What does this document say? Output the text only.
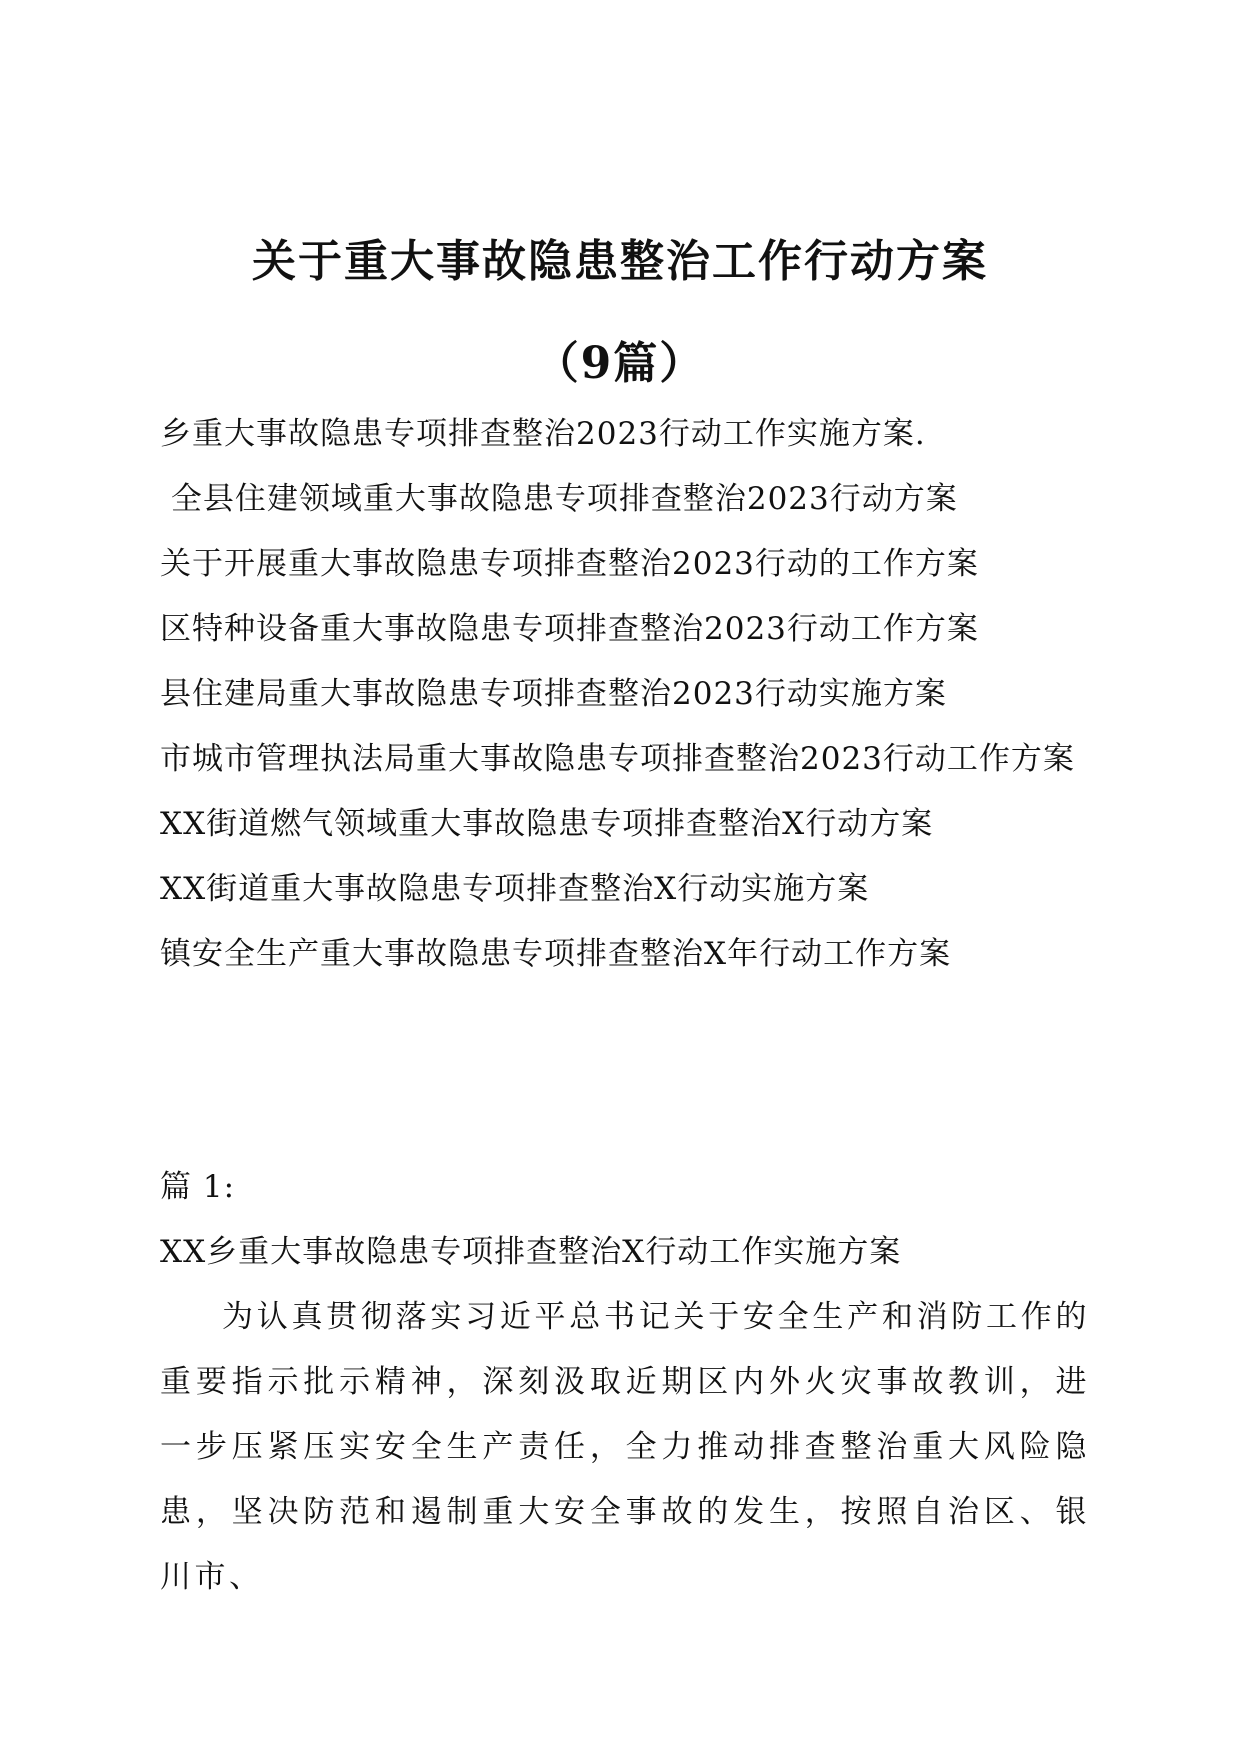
关于重大事故隐患整治工作行动方案
（9篇）
乡重大事故隐患专项排查整治2023行动工作实施方案.
全县住建领域重大事故隐患专项排查整治2023行动方案
关于开展重大事故隐患专项排查整治2023行动的工作方案
区特种设备重大事故隐患专项排查整治2023行动工作方案
县住建局重大事故隐患专项排查整治2023行动实施方案
市城市管理执法局重大事故隐患专项排查整治2023行动工作方案
XX街道燃气领域重大事故隐患专项排查整治X行动方案
XX街道重大事故隐患专项排查整治X行动实施方案
镇安全生产重大事故隐患专项排查整治X年行动工作方案
篇 1:
XX乡重大事故隐患专项排查整治X行动工作实施方案

为认真贯彻落实习近平总书记关于安全生产和消防工作的重要指示批示精神，深刻汲取近期区内外火灾事故教训，进一步压紧压实安全生产责任，全力推动排查整治重大风险隐患，坚决防范和遏制重大安全事故的发生，按照自治区、银川市、
